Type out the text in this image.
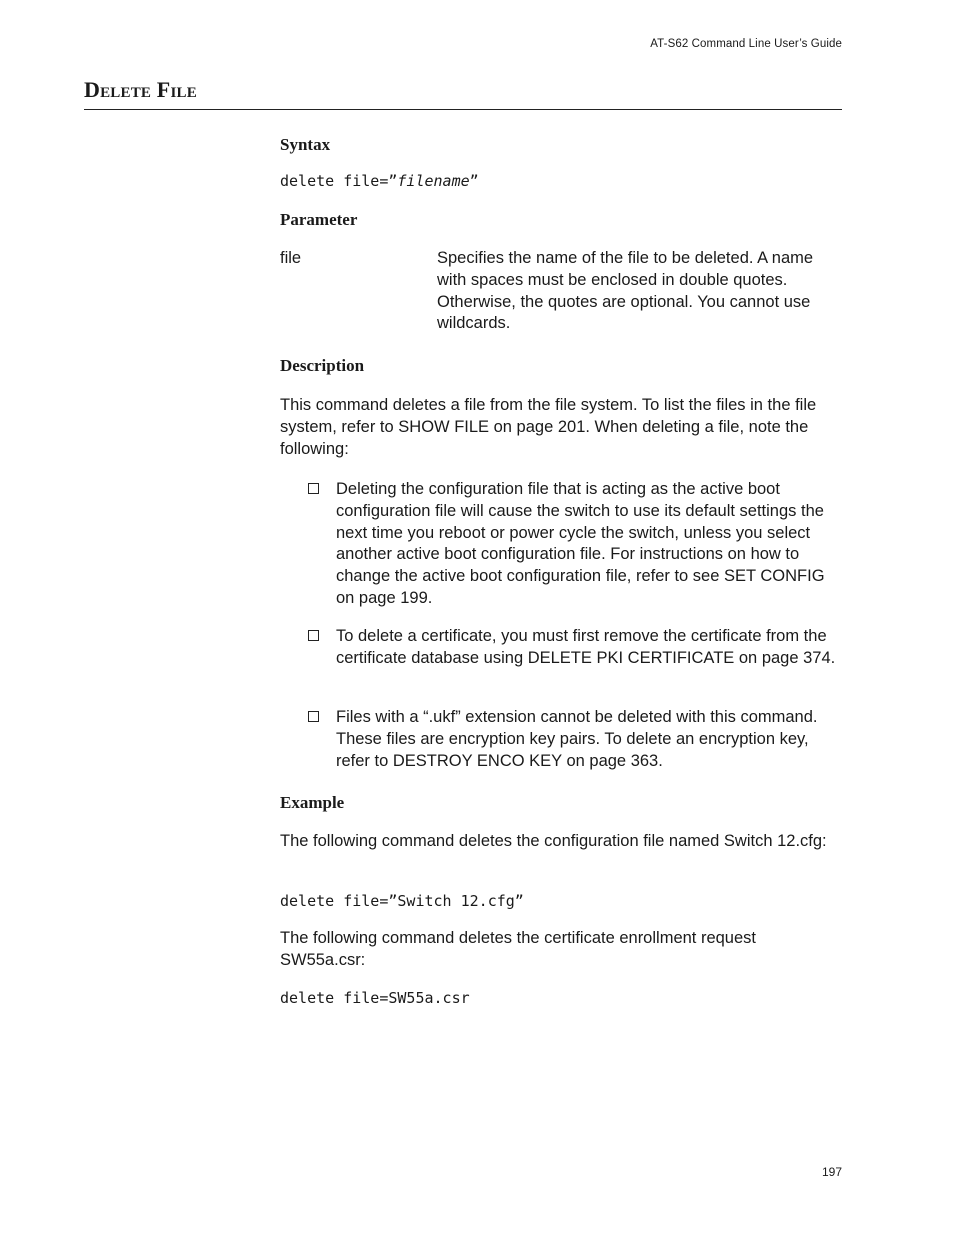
AT-S62 Command Line User’s Guide
Delete File
Syntax
delete file=”filename”
Parameter
file	Specifies the name of the file to be deleted. A name with spaces must be enclosed in double quotes. Otherwise, the quotes are optional. You cannot use wildcards.
Description
This command deletes a file from the file system. To list the files in the file system, refer to SHOW FILE on page 201. When deleting a file, note the following:
Deleting the configuration file that is acting as the active boot configuration file will cause the switch to use its default settings the next time you reboot or power cycle the switch, unless you select another active boot configuration file. For instructions on how to change the active boot configuration file, refer to see SET CONFIG on page 199.
To delete a certificate, you must first remove the certificate from the certificate database using DELETE PKI CERTIFICATE on page 374.
Files with a “.ukf” extension cannot be deleted with this command. These files are encryption key pairs. To delete an encryption key, refer to DESTROY ENCO KEY on page 363.
Example
The following command deletes the configuration file named Switch 12.cfg:
delete file=”Switch 12.cfg”
The following command deletes the certificate enrollment request SW55a.csr:
delete file=SW55a.csr
197
